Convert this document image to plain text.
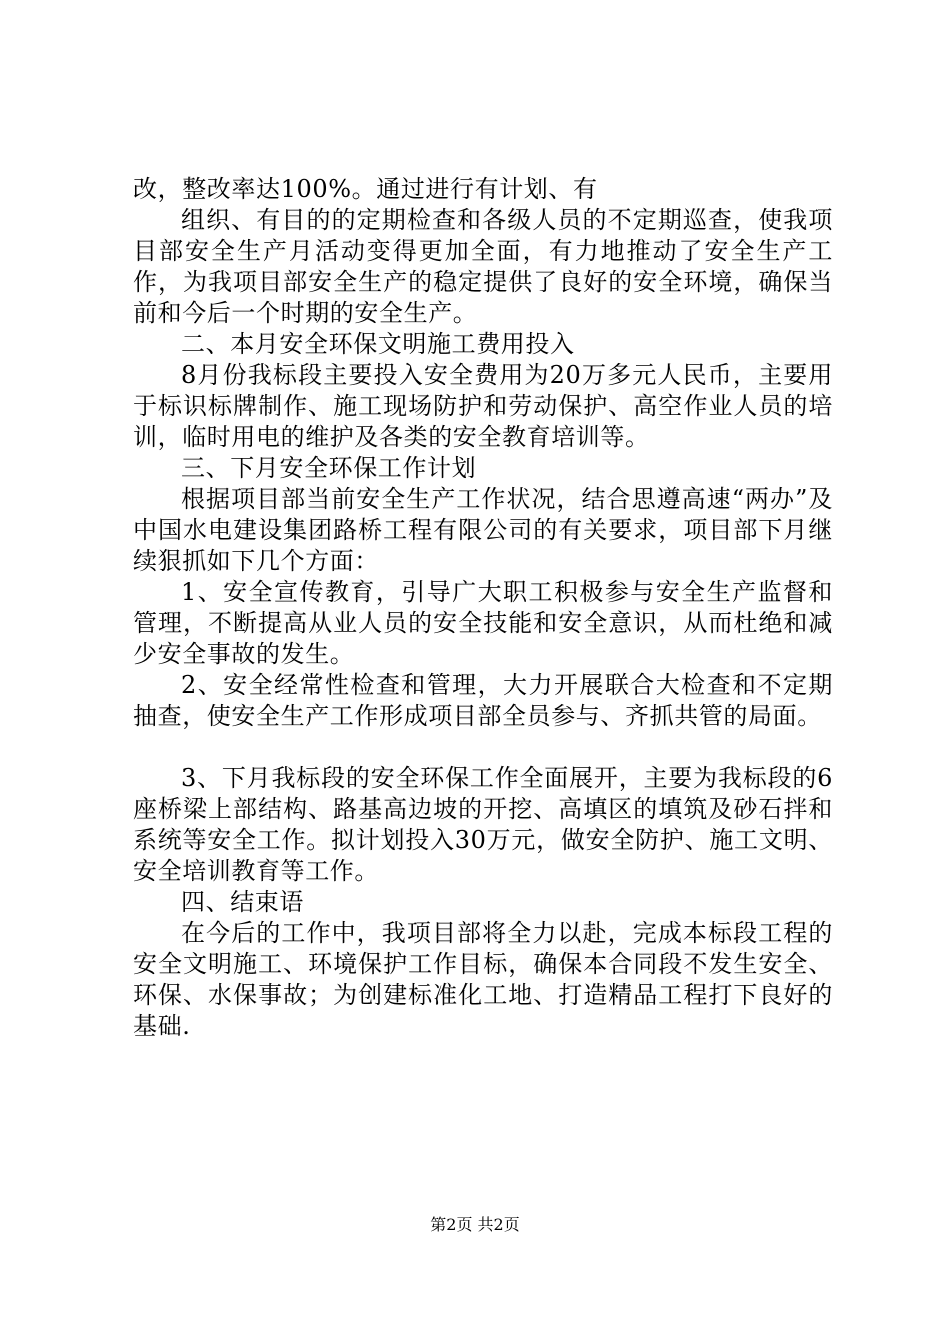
改，整改率达100%。通过进行有计划、有

组织、有目的的定期检查和各级人员的不定期巡查，使我项目部安全生产月活动变得更加全面，有力地推动了安全生产工作，为我项目部安全生产的稳定提供了良好的安全环境，确保当前和今后一个时期的安全生产。

二、本月安全环保文明施工费用投入

8月份我标段主要投入安全费用为20万多元人民币，主要用于标识标牌制作、施工现场防护和劳动保护、高空作业人员的培训，临时用电的维护及各类的安全教育培训等。

三、下月安全环保工作计划

根据项目部当前安全生产工作状况，结合思遵高速“两办”及中国水电建设集团路桥工程有限公司的有关要求，项目部下月继续狠抓如下几个方面：

1、安全宣传教育，引导广大职工积极参与安全生产监督和管理，不断提高从业人员的安全技能和安全意识，从而杜绝和减少安全事故的发生。

2、安全经常性检查和管理，大力开展联合大检查和不定期抽查，使安全生产工作形成项目部全员参与、齐抓共管的局面。

3、下月我标段的安全环保工作全面展开，主要为我标段的6座桥梁上部结构、路基高边坡的开挖、高填区的填筑及砂石拌和系统等安全工作。拟计划投入30万元，做安全防护、施工文明、安全培训教育等工作。

四、结束语

在今后的工作中，我项目部将全力以赴，完成本标段工程的安全文明施工、环境保护工作目标，确保本合同段不发生安全、环保、水保事故；为创建标准化工地、打造精品工程打下良好的基础.

第2页 共2页
